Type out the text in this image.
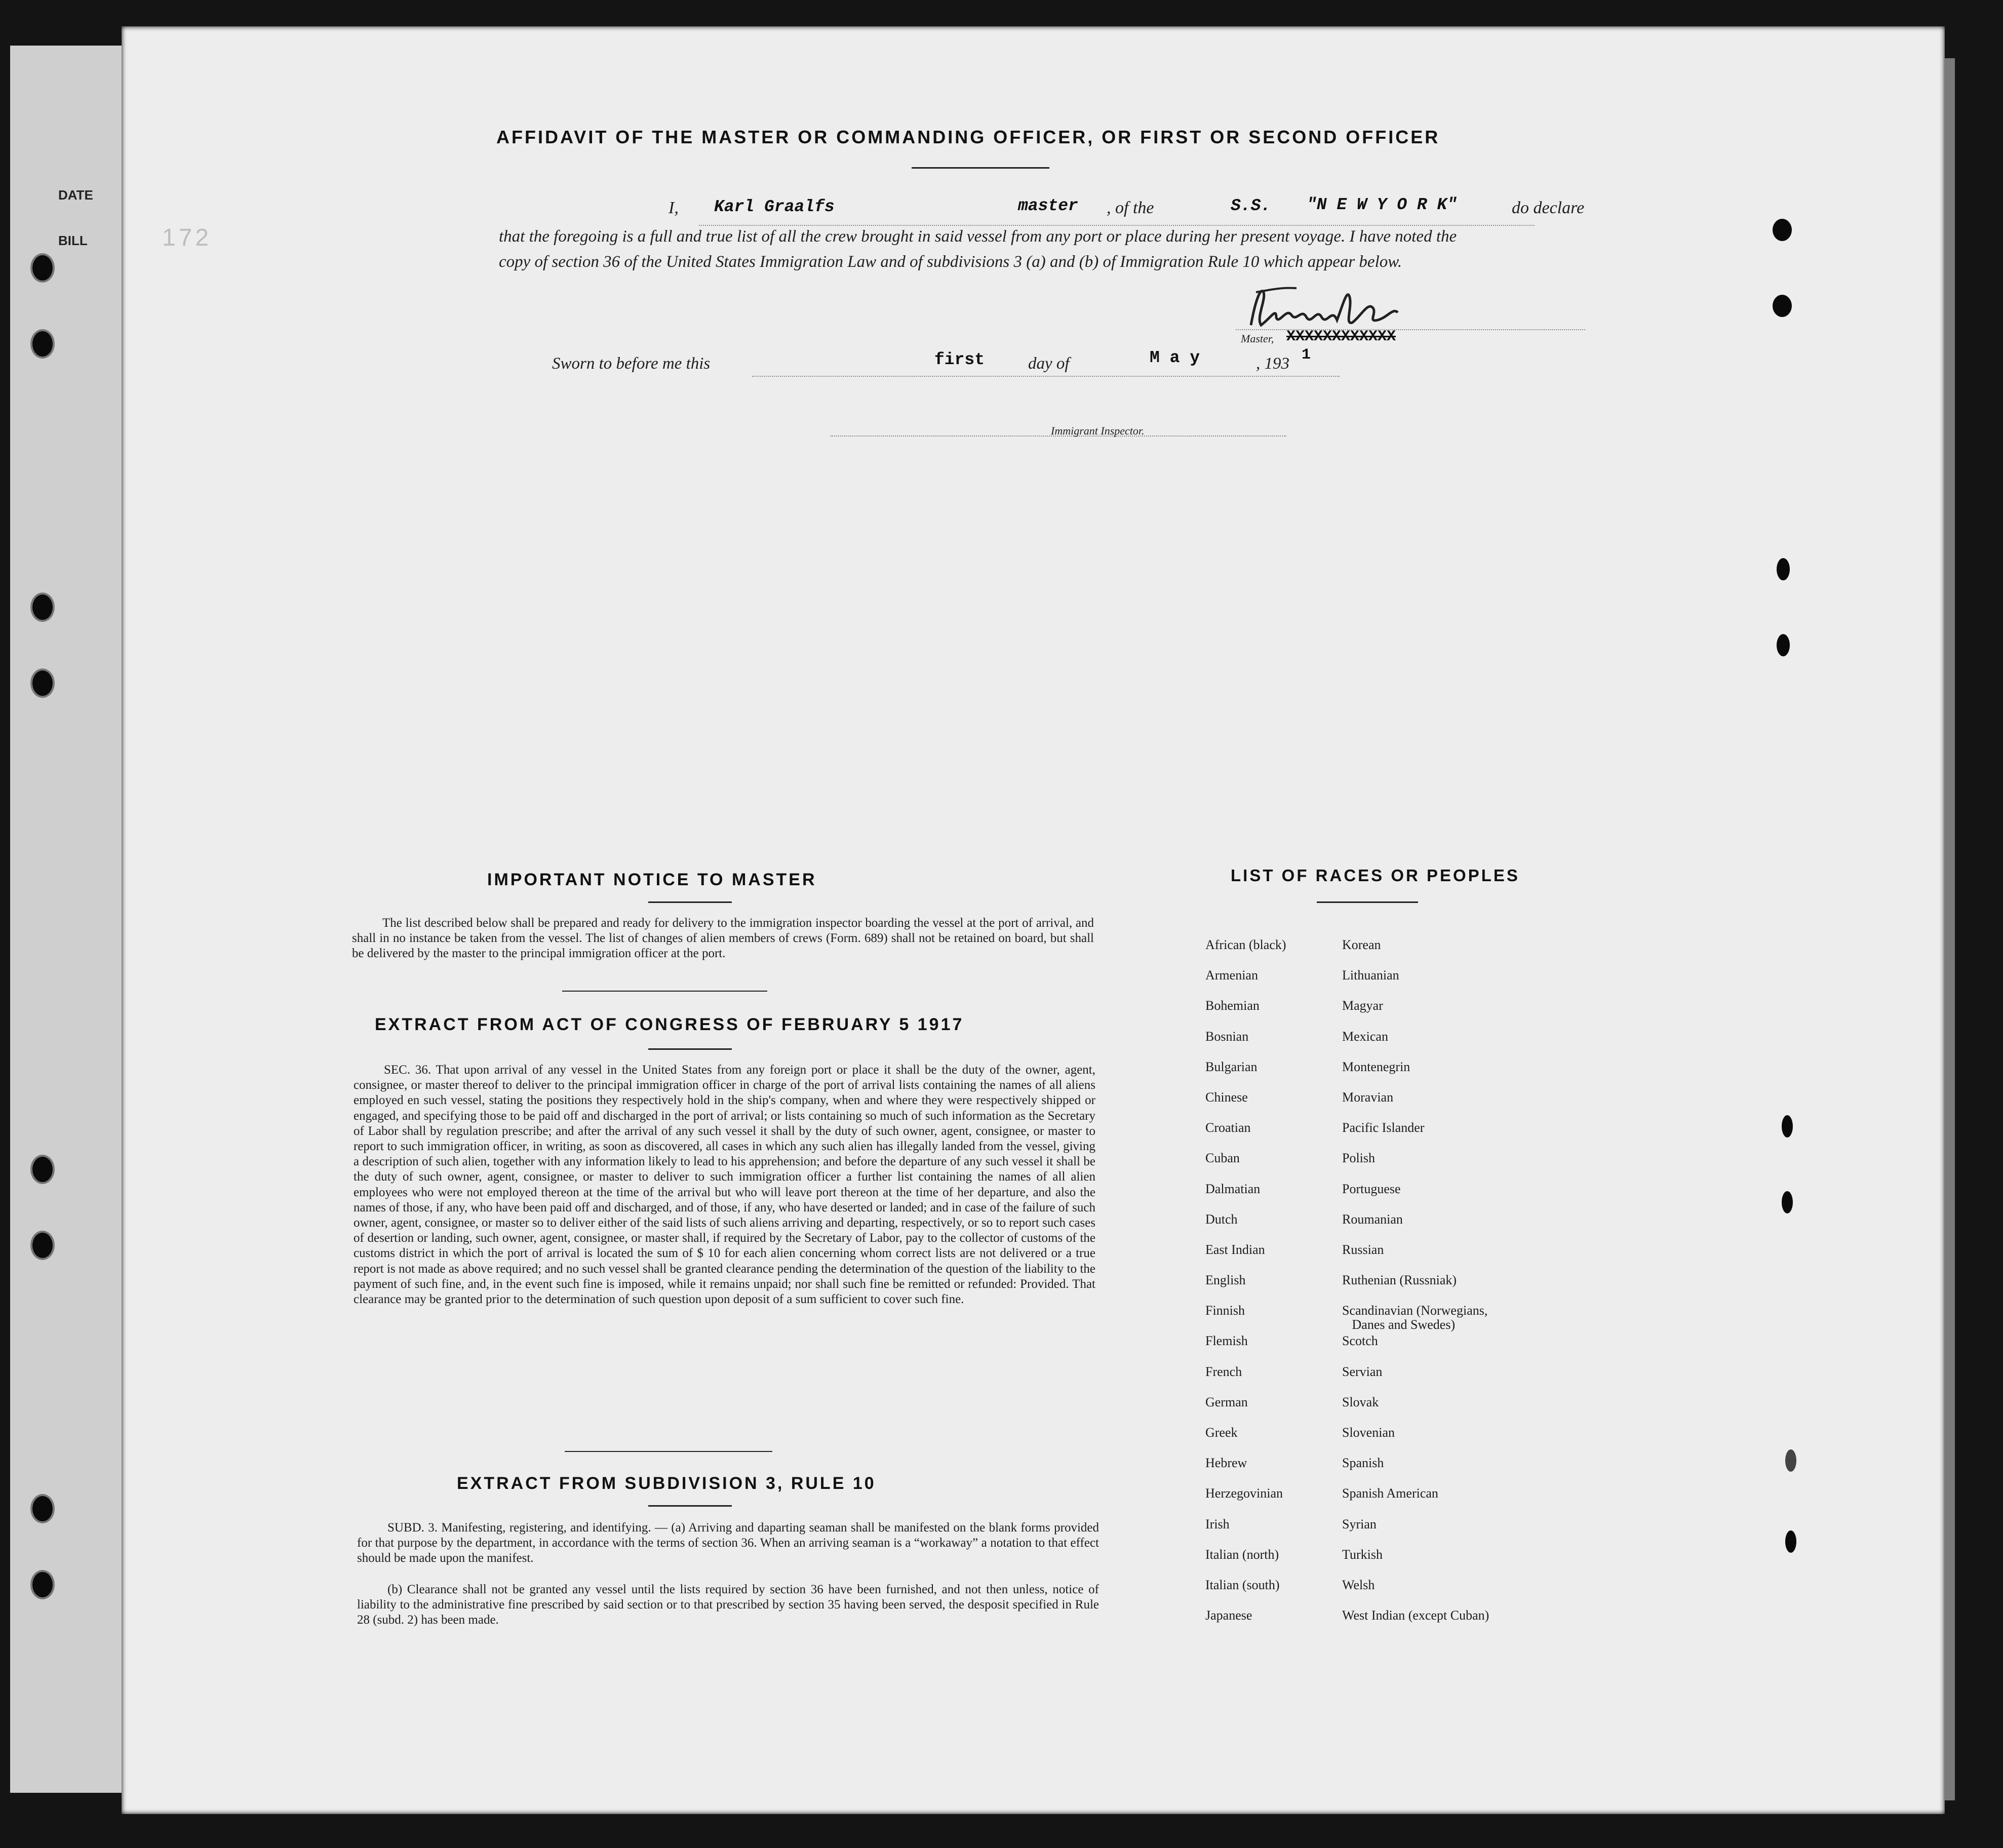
DATE
BILL	172
AFFIDAVIT OF THE MASTER OR COMMANDING OFFICER, OR FIRST OR SECOND OFFICER
I, Karl Graalfs	master , of the	S.S. "N E W Y O R K"	do declare
that the foregoing is a full and true list of all the crew brought in said vessel from any port or place during her present voyage. I have noted the copy of section 36 of the United States Immigration Law and of subdivisions 3 (a) and (b) of Immigration Rule 10 which appear below.
Master, XXXXXXXXXXXX
Sworn to before me this	first	day of	M a y	, 193 1
Immigrant Inspector.
IMPORTANT NOTICE TO MASTER
The list described below shall be prepared and ready for delivery to the immigration inspector boarding the vessel at the port of arrival, and shall in no instance be taken from the vessel. The list of changes of alien members of crews (Form. 689) shall not be retained on board, but shall be delivered by the master to the principal immigration officer at the port.
EXTRACT FROM ACT OF CONGRESS OF FEBRUARY 5 1917
SEC. 36. That upon arrival of any vessel in the United States from any foreign port or place it shall be the duty of the owner, agent, consignee, or master thereof to deliver to the principal immigration officer in charge of the port of arrival lists containing the names of all aliens employed en such vessel, stating the positions they respectively hold in the ship's company, when and where they were respectively shipped or engaged, and specifying those to be paid off and discharged in the port of arrival; or lists containing so much of such information as the Secretary of Labor shall by regulation prescribe; and after the arrival of any such vessel it shall by the duty of such owner, agent, consignee, or master to report to such immigration officer, in writing, as soon as discovered, all cases in which any such alien has illegally landed from the vessel, giving a description of such alien, together with any information likely to lead to his apprehension; and before the departure of any such vessel it shall be the duty of such owner, agent, consignee, or master to deliver to such immigration officer a further list containing the names of all alien employees who were not employed thereon at the time of the arrival but who will leave port thereon at the time of her departure, and also the names of those, if any, who have been paid off and discharged, and of those, if any, who have deserted or landed; and in case of the failure of such owner, agent, consignee, or master so to deliver either of the said lists of such aliens arriving and departing, respectively, or so to report such cases of desertion or landing, such owner, agent, consignee, or master shall, if required by the Secretary of Labor, pay to the collector of customs of the customs district in which the port of arrival is located the sum of $ 10 for each alien concerning whom correct lists are not delivered or a true report is not made as above required; and no such vessel shall be granted clearance pending the determination of the question of the liability to the payment of such fine, and, in the event such fine is imposed, while it remains unpaid; nor shall such fine be remitted or refunded: Provided. That clearance may be granted prior to the determination of such question upon deposit of a sum sufficient to cover such fine.
EXTRACT FROM SUBDIVISION 3, RULE 10
SUBD. 3. Manifesting, registering, and identifying. — (a) Arriving and daparting seaman shall be manifested on the blank forms provided for that purpose by the department, in accordance with the terms of section 36. When an arriving seaman is a “workaway” a notation to that effect should be made upon the manifest.
(b) Clearance shall not be granted any vessel until the lists required by section 36 have been furnished, and not then unless, notice of liability to the administrative fine prescribed by said section or to that prescribed by section 35 having been served, the desposit specified in Rule 28 (subd. 2) has been made.
LIST OF RACES OR PEOPLES
African (black)	Korean
Armenian	Lithuanian
Bohemian	Magyar
Bosnian	Mexican
Bulgarian	Montenegrin
Chinese	Moravian
Croatian	Pacific Islander
Cuban	Polish
Dalmatian	Portuguese
Dutch	Roumanian
East Indian	Russian
English	Ruthenian (Russniak)
Finnish	Scandinavian (Norwegians,
Danes and Swedes)
Flemish	Scotch
French	Servian
German	Slovak
Greek	Slovenian
Hebrew	Spanish
Herzegovinian	Spanish American
Irish	Syrian
Italian (north)	Turkish
Italian (south)	Welsh
Japanese	West Indian (except Cuban)
